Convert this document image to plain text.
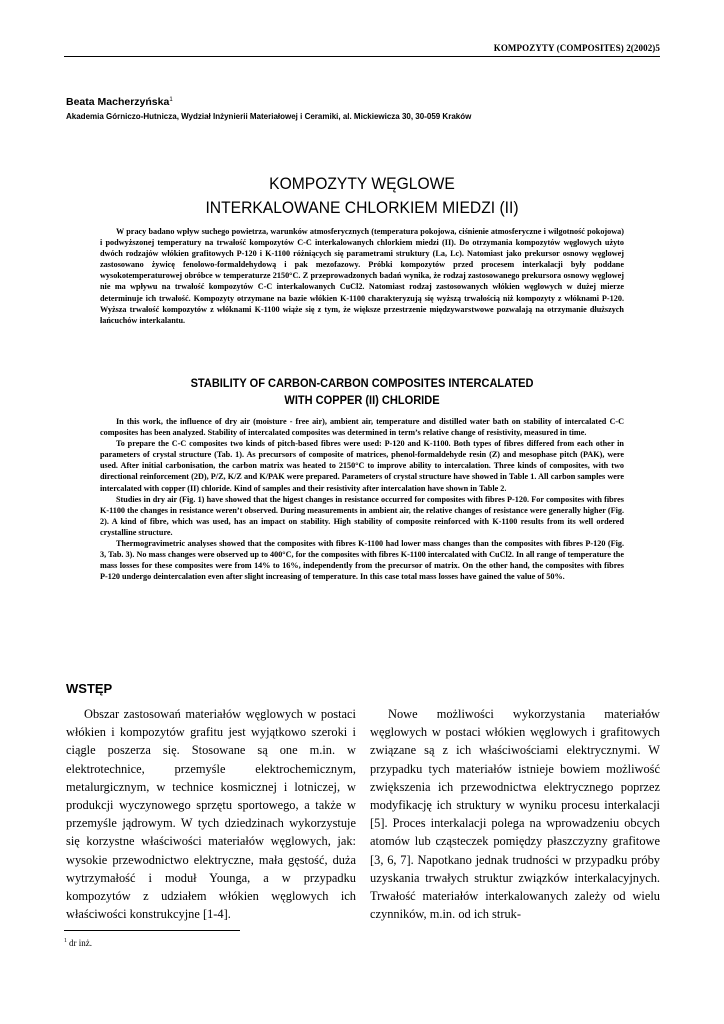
KOMPOZYTY (COMPOSITES) 2(2002)5
Beata Macherzyńska$^1$
Akademia Górniczo-Hutnicza, Wydział Inżynierii Materiałowej i Ceramiki, al. Mickiewicza 30, 30-059 Kraków
KOMPOZYTY WĘGLOWE
INTERKALOWANE CHLORKIEM MIEDZI (II)

W pracy badano wpływ suchego powietrza, warunków atmosferycznych (temperatura pokojowa, ciśnienie atmosferyczne i wilgotność pokojowa) i podwyższonej temperatury na trwałość kompozytów C-C interkalowanych chlorkiem miedzi (II). Do otrzymania kompozytów węglowych użyto dwóch rodzajów włókien grafitowych P-120 i K-1100 różniących się parametrami struktury (La, Lc). Natomiast jako prekursor osnowy węglowej zastosowano żywicę fenolowo-formaldehydową i pak mezofazowy. Próbki kompozytów przed procesem interkalacji były poddane wysokotemperaturowej obróbce w temperaturze 2150°C. Z przeprowadzonych badań wynika, że rodzaj zastosowanego prekursora osnowy węglowej nie ma wpływu na trwałość kompozytów C-C interkalowanych CuCl2. Natomiast rodzaj zastosowanych włókien węglowych w dużej mierze determinuje ich trwałość. Kompozyty otrzymane na bazie włókien K-1100 charakteryzują się wyższą trwałością niż kompozyty z włóknami P-120. Wyższa trwałość kompozytów z włóknami K-1100 wiąże się z tym, że większe przestrzenie międzywarstwowe pozwalają na otrzymanie dłuższych łańcuchów interkalantu.

STABILITY OF CARBON-CARBON COMPOSITES INTERCALATED
WITH COPPER (II) CHLORIDE

In this work, the influence of dry air (moisture - free air), ambient air, temperature and distilled water bath on stability of intercalated C-C composites has been analyzed. Stability of intercalated composites was determined in term’s relative change of resistivity, measured in time.

To prepare the C-C composites two kinds of pitch-based fibres were used: P-120 and K-1100. Both types of fibres differed from each other in parameters of crystal structure (Tab. 1). As precursors of composite of matrices, phenol-formaldehyde resin (Z) and mesophase pitch (PAK), were used. After initial carbonisation, the carbon matrix was heated to 2150°C to improve ability to intercalation. Three kinds of composites, with two directional reinforcement (2D), P/Z, K/Z and K/PAK were prepared. Parameters of crystal structure have showed in Table 1. All carbon samples were intercalated with copper (II) chloride. Kind of samples and their resistivity after intercalation have shown in Table 2.

Studies in dry air (Fig. 1) have showed that the higest changes in resistance occurred for composites with fibres P-120. For composites with fibres K-1100 the changes in resistance weren’t observed. During measurements in ambient air, the relative changes of resistance were generally higher (Fig. 2). A kind of fibre, which was used, has an impact on stability. High stability of composite reinforced with K-1100 results from its well ordered crystalline structure.

Thermogravimetric analyses showed that the composites with fibres K-1100 had lower mass changes than the composites with fibres P-120 (Fig. 3, Tab. 3). No mass changes were observed up to 400°C, for the composites with fibres K-1100 intercalated with CuCl2. In all range of temperature the mass losses for these composites were from 14% to 16%, independently from the precursor of matrix. On the other hand, the composites with fibres P-120 undergo deintercalation even after slight increasing of temperature. In this case total mass losses have gained the value of 50%.

WSTĘP

Obszar zastosowań materiałów węglowych w postaci włókien i kompozytów grafitu jest wyjątkowo szeroki i ciągle poszerza się. Stosowane są one m.in. w elektrotechnice, przemyśle elektrochemicznym, metalurgicznym, w technice kosmicznej i lotniczej, w produkcji wyczynowego sprzętu sportowego, a także w przemyśle jądrowym. W tych dziedzinach wykorzystuje się korzystne właściwości materiałów węglowych, jak: wysokie przewodnictwo elektryczne, mała gęstość, duża wytrzymałość i moduł Younga, a w przypadku kompozytów z udziałem włókien węglowych ich właściwości konstrukcyjne [1-4].

Nowe możliwości wykorzystania materiałów węglowych w postaci włókien węglowych i grafitowych związane są z ich właściwościami elektrycznymi. W przypadku tych materiałów istnieje bowiem możliwość zwiększenia ich przewodnictwa elektrycznego poprzez modyfikację ich struktury w wyniku procesu interkalacji [5]. Proces interkalacji polega na wprowadzeniu obcych atomów lub cząsteczek pomiędzy płaszczyzny grafitowe [3, 6, 7]. Napotkano jednak trudności w przypadku próby uzyskania trwałych struktur związków interkalacyjnych. Trwałość materiałów interkalowanych zależy od wielu czynników, m.in. od ich struk-

$^1$ dr inż.
